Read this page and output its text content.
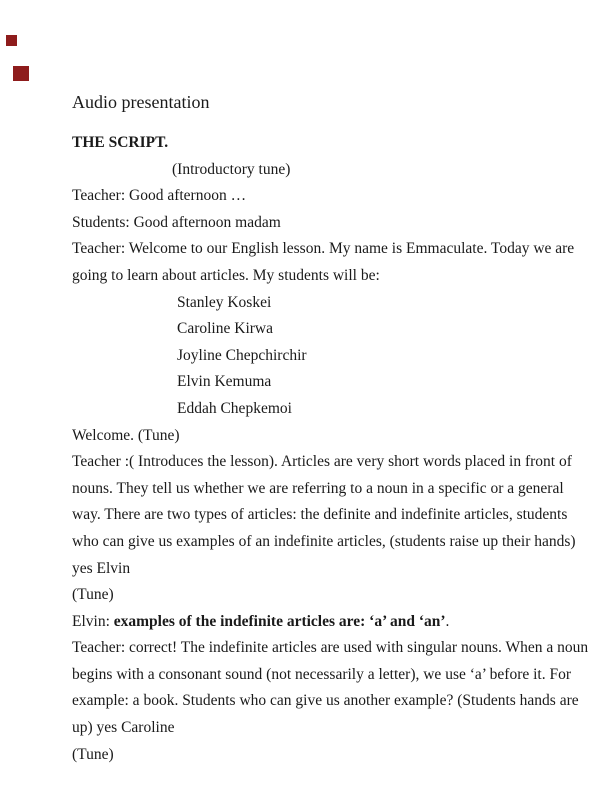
Audio presentation

THE SCRIPT.

(Introductory tune)

Teacher: Good afternoon …

Students: Good afternoon madam

Teacher: Welcome to our English lesson. My name is Emmaculate. Today we are

going to learn about articles. My students will be:

Stanley Koskei

Caroline Kirwa

Joyline Chepchirchir

Elvin Kemuma

Eddah Chepkemoi

Welcome. (Tune)

Teacher :( Introduces the lesson). Articles are very short words placed in front of

nouns. They tell us whether we are referring to a noun in a specific or a general

way. There are two types of articles: the definite and indefinite articles, students

who can give us examples of an indefinite articles, (students raise up their hands)

yes Elvin

(Tune)

Elvin: examples of the indefinite articles are: ‘a’ and ‘an’.

Teacher: correct! The indefinite articles are used with singular nouns. When a noun

begins with a consonant sound (not necessarily a letter), we use ‘a’ before it. For

example: a book. Students who can give us another example? (Students hands are

up) yes Caroline

(Tune)
